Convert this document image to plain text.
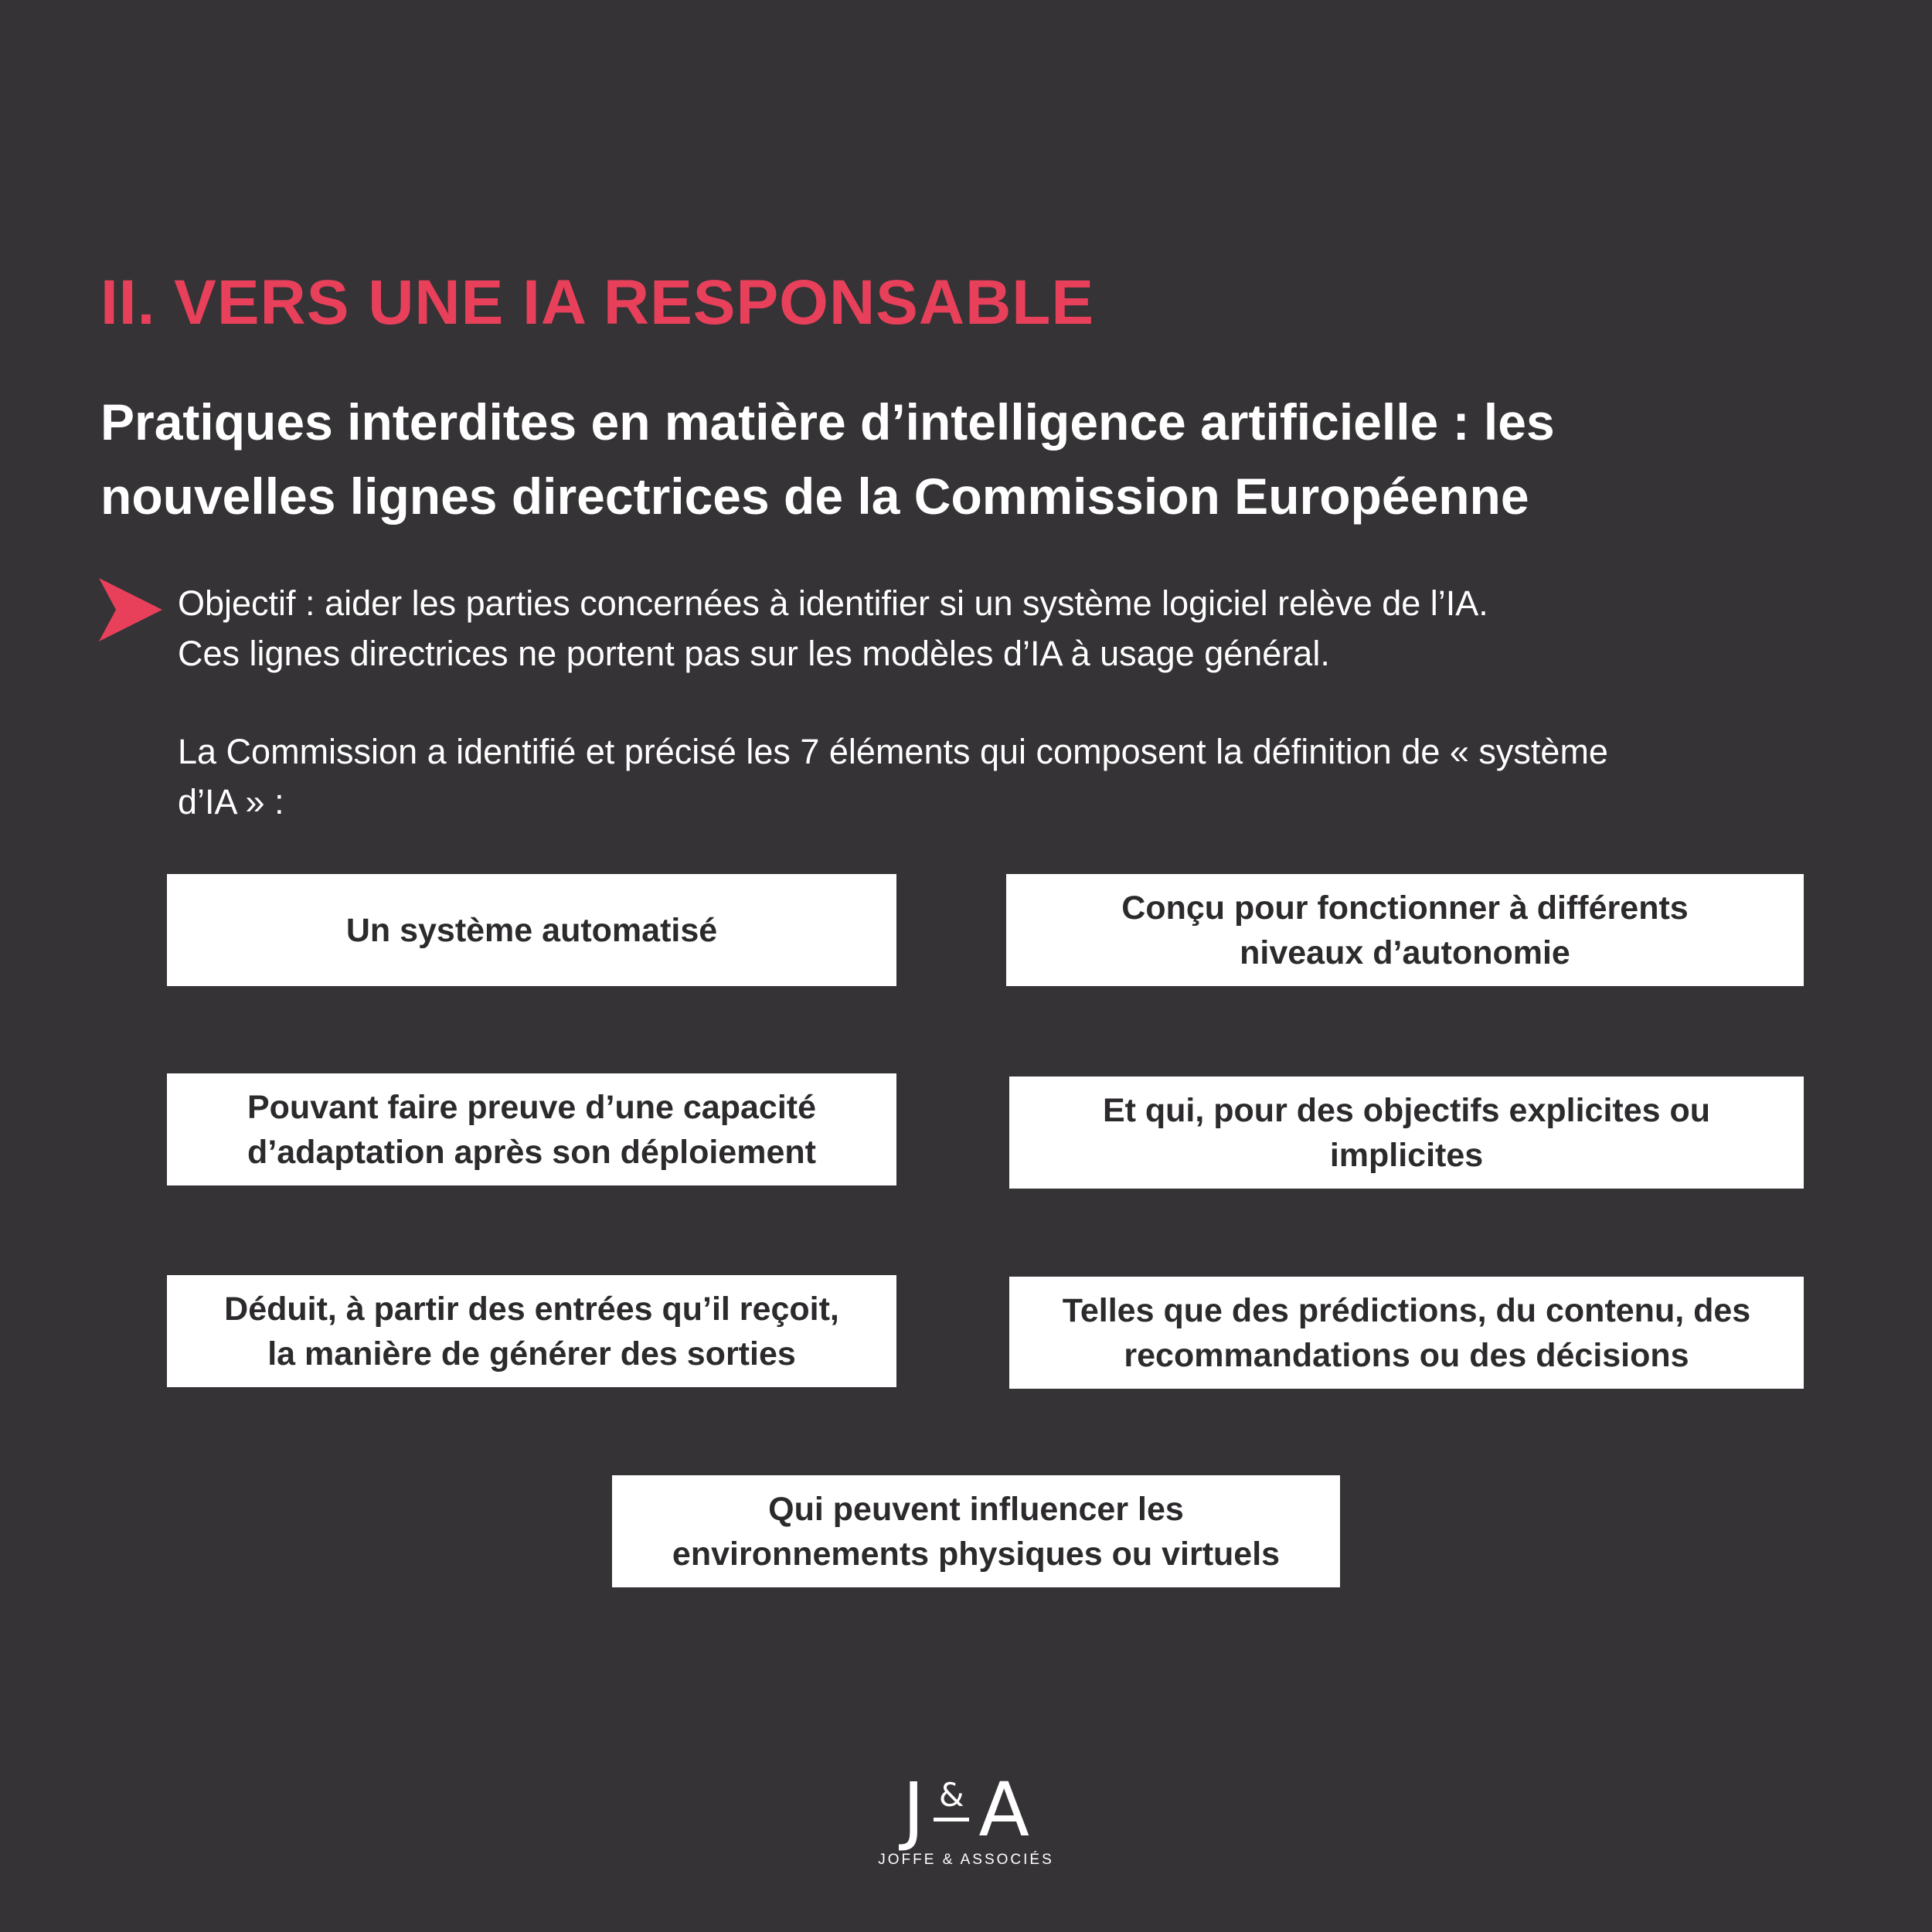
II. VERS UNE IA RESPONSABLE
Pratiques interdites en matière d’intelligence artificielle : les
nouvelles lignes directrices de la Commission Européenne
Objectif : aider les parties concernées à identifier si un système logiciel relève de l’IA.
Ces lignes directrices ne portent pas sur les modèles d’IA à usage général.
La Commission a identifié et précisé les 7 éléments qui composent la définition de « système
d’IA » :
Un système automatisé
Conçu pour fonctionner à différents
niveaux d’autonomie
Pouvant faire preuve d’une capacité
d’adaptation après son déploiement
Et qui, pour des objectifs explicites ou
implicites
Déduit, à partir des entrées qu’il reçoit,
la manière de générer des sorties
Telles que des prédictions, du contenu, des
recommandations ou des décisions
Qui peuvent influencer les
environnements physiques ou virtuels
J & A
JOFFE & ASSOCIÉS
